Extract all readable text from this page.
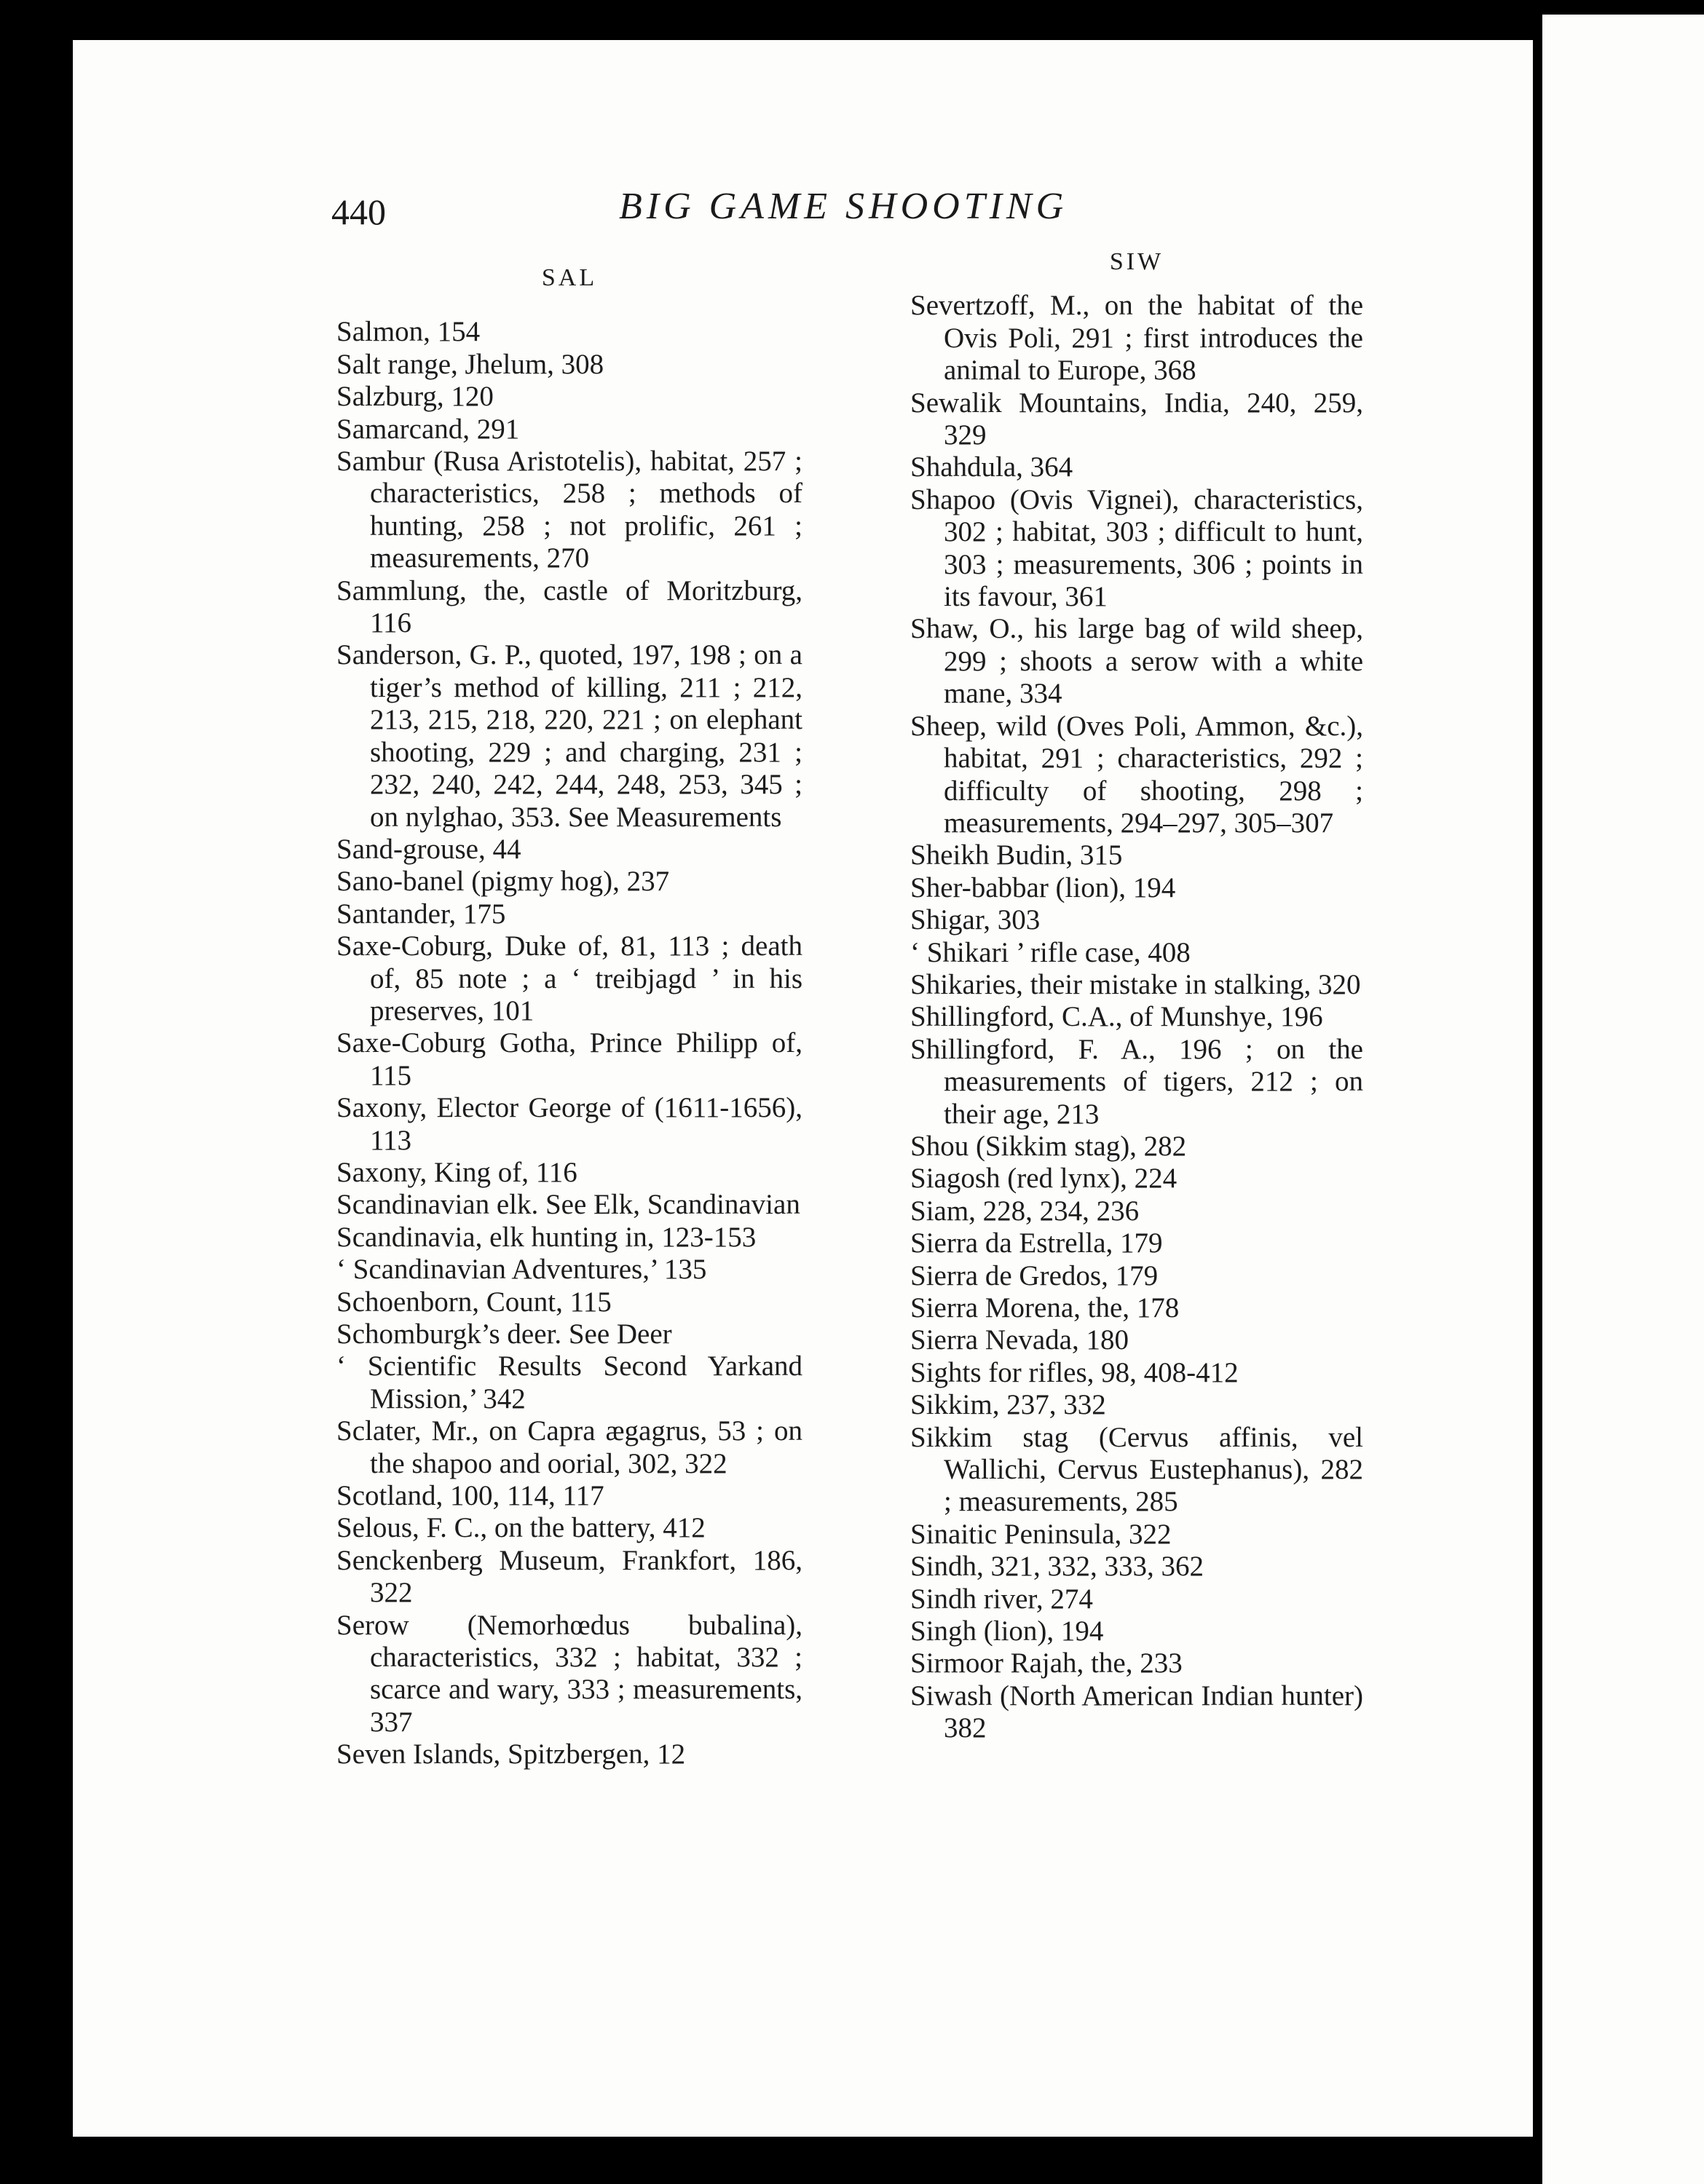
440	BIG GAME SHOOTING
SAL

Salmon, 154

Salt range, Jhelum, 308

Salzburg, 120

Samarcand, 291

Sambur (Rusa Aristotelis), habitat, 257 ; characteristics, 258 ; methods of hunting, 258 ; not prolific, 261 ; measurements, 270

Sammlung, the, castle of Moritzburg, 116

Sanderson, G. P., quoted, 197, 198 ; on a tiger’s method of killing, 211 ; 212, 213, 215, 218, 220, 221 ; on elephant shooting, 229 ; and charging, 231 ; 232, 240, 242, 244, 248, 253, 345 ; on nylghao, 353. See Measurements

Sand-grouse, 44

Sano-banel (pigmy hog), 237

Santander, 175

Saxe-Coburg, Duke of, 81, 113 ; death of, 85 note ; a ‘ treibjagd ’ in his preserves, 101

Saxe-Coburg Gotha, Prince Philipp of, 115

Saxony, Elector George of (1611-1656), 113

Saxony, King of, 116

Scandinavian elk. See Elk, Scandinavian

Scandinavia, elk hunting in, 123-153

‘ Scandinavian Adventures,’ 135

Schoenborn, Count, 115

Schomburgk’s deer. See Deer

‘ Scientific Results Second Yarkand Mission,’ 342

Sclater, Mr., on Capra ægagrus, 53 ; on the shapoo and oorial, 302, 322

Scotland, 100, 114, 117

Selous, F. C., on the battery, 412

Senckenberg Museum, Frankfort, 186, 322

Serow (Nemorhœdus bubalina), characteristics, 332 ; habitat, 332 ; scarce and wary, 333 ; measurements, 337

Seven Islands, Spitzbergen, 12

SIW

Severtzoff, M., on the habitat of the Ovis Poli, 291 ; first introduces the animal to Europe, 368

Sewalik Mountains, India, 240, 259, 329

Shahdula, 364

Shapoo (Ovis Vignei), characteristics, 302 ; habitat, 303 ; difficult to hunt, 303 ; measurements, 306 ; points in its favour, 361

Shaw, O., his large bag of wild sheep, 299 ; shoots a serow with a white mane, 334

Sheep, wild (Oves Poli, Ammon, &c.), habitat, 291 ; characteristics, 292 ; difficulty of shooting, 298 ; measurements, 294–297, 305–307

Sheikh Budin, 315

Sher-babbar (lion), 194

Shigar, 303

‘ Shikari ’ rifle case, 408

Shikaries, their mistake in stalking, 320

Shillingford, C.A., of Munshye, 196

Shillingford, F. A., 196 ; on the measurements of tigers, 212 ; on their age, 213

Shou (Sikkim stag), 282

Siagosh (red lynx), 224

Siam, 228, 234, 236

Sierra da Estrella, 179

Sierra de Gredos, 179

Sierra Morena, the, 178

Sierra Nevada, 180

Sights for rifles, 98, 408-412

Sikkim, 237, 332

Sikkim stag (Cervus affinis, vel Wallichi, Cervus Eustephanus), 282 ; measurements, 285

Sinaitic Peninsula, 322

Sindh, 321, 332, 333, 362

Sindh river, 274

Singh (lion), 194

Sirmoor Rajah, the, 233

Siwash (North American Indian hunter) 382
